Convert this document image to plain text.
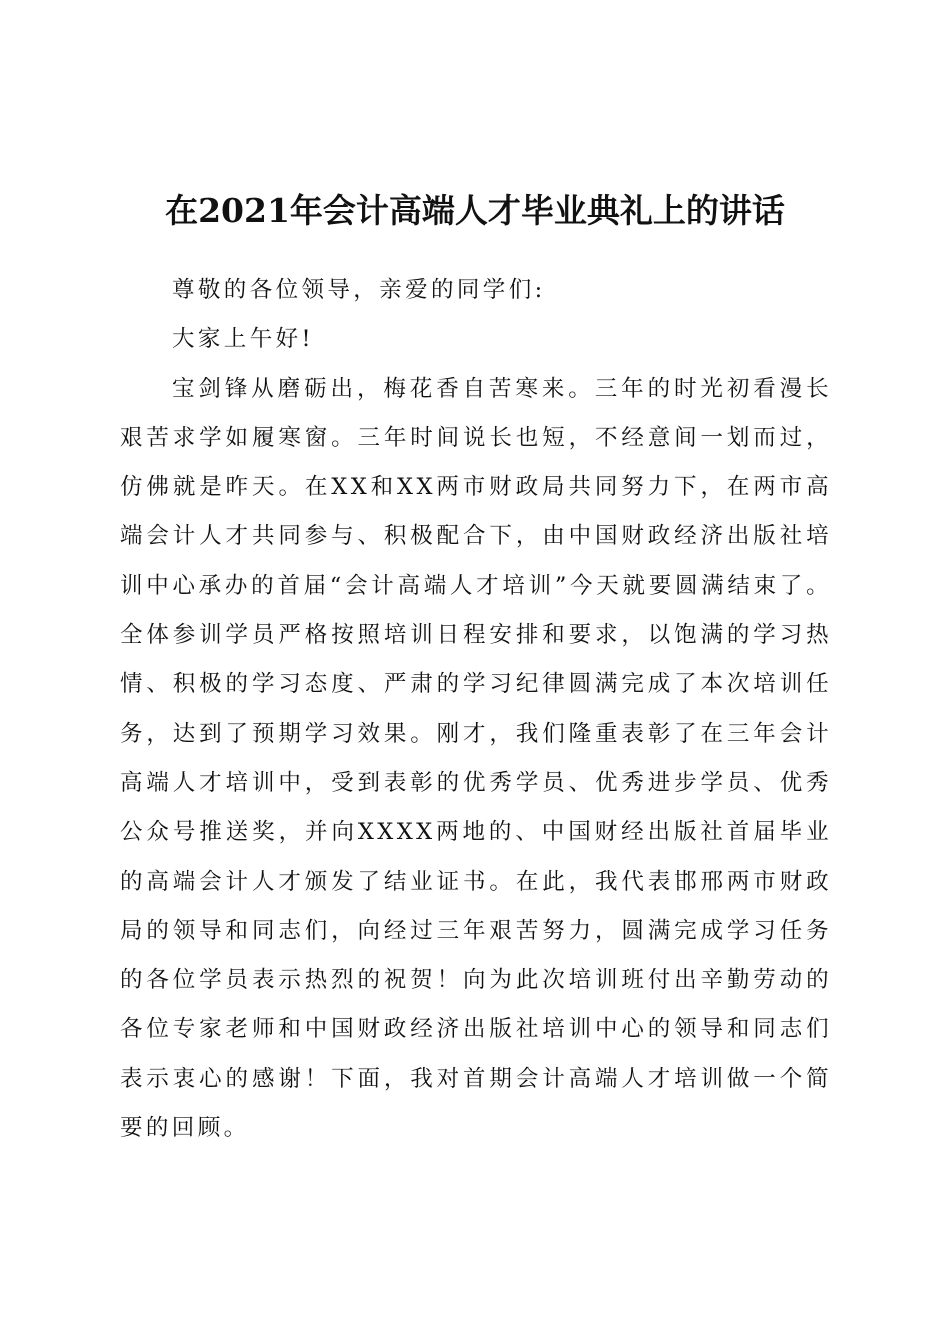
在2021年会计高端人才毕业典礼上的讲话

尊敬的各位领导，亲爱的同学们:

大家上午好!

宝剑锋从磨砺出，梅花香自苦寒来。三年的时光初看漫长艰苦求学如履寒窗。三年时间说长也短，不经意间一划而过，仿佛就是昨天。在XX和XX两市财政局共同努力下，在两市高端会计人才共同参与、积极配合下，由中国财政经济出版社培训中心承办的首届“会计高端人才培训”今天就要圆满结束了。全体参训学员严格按照培训日程安排和要求，以饱满的学习热情、积极的学习态度、严肃的学习纪律圆满完成了本次培训任务，达到了预期学习效果。刚才，我们隆重表彰了在三年会计高端人才培训中，受到表彰的优秀学员、优秀进步学员、优秀公众号推送奖，并向XXXX两地的、中国财经出版社首届毕业的高端会计人才颁发了结业证书。在此，我代表邯邢两市财政局的领导和同志们，向经过三年艰苦努力，圆满完成学习任务的各位学员表示热烈的祝贺！向为此次培训班付出辛勤劳动的各位专家老师和中国财政经济出版社培训中心的领导和同志们表示衷心的感谢！下面，我对首期会计高端人才培训做一个简要的回顾。
